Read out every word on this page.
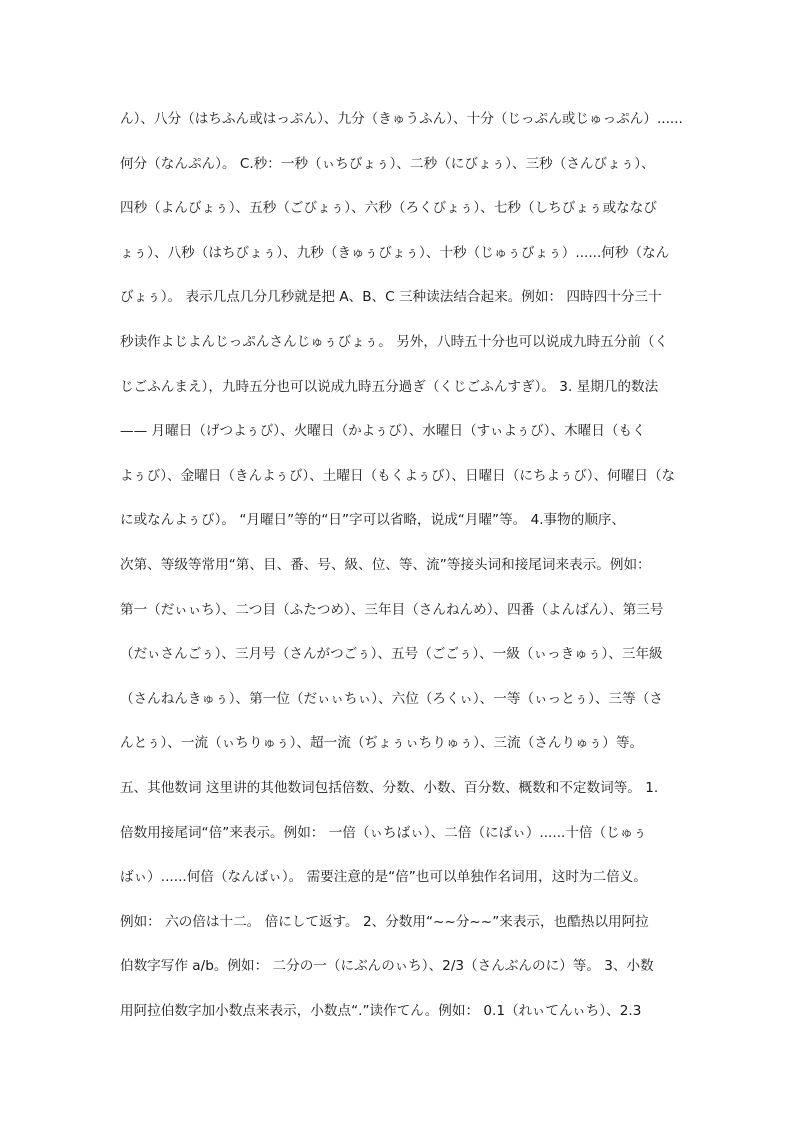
ん）、八分（はちふん或はっぷん）、九分（きゅうふん）、十分（じっぷん或じゅっぷん）......
何分（なんぷん）。 C.秒：一秒（ぃちびょぅ）、二秒（にびょぅ）、三秒（さんびょぅ）、
四秒（よんびょぅ）、五秒（ごびょぅ）、六秒（ろくびょぅ）、七秒（しちびょぅ或ななび
ょぅ）、八秒（はちびょぅ）、九秒（きゅぅびょぅ）、十秒（じゅぅびょぅ）......何秒（なん
びょぅ）。 表示几点几分几秒就是把 A、B、C 三种读法结合起来。例如： 四時四十分三十
秒读作よじよんじっぷんさんじゅぅびょぅ。 另外，八時五十分也可以说成九時五分前（く
じごふんまえ），九時五分也可以说成九時五分過ぎ（くじごふんすぎ）。 3. 星期几的数法
—— 月曜日（げつよぅび）、火曜日（かよぅび）、水曜日（すぃよぅび）、木曜日（もく
よぅび）、金曜日（きんよぅび）、土曜日（もくよぅび）、日曜日（にちよぅび）、何曜日（な
に或なんよぅび）。 “月曜日”等的“日”字可以省略，说成“月曜”等。 4.事物的顺序、
次第、等级等常用“第、目、番、号、級、位、等、流”等接头词和接尾词来表示。例如：
第一（だぃぃち）、二つ目（ふたつめ）、三年目（さんねんめ）、四番（よんばん）、第三号
（だぃさんごぅ）、三月号（さんがつごぅ）、五号（ごごぅ）、一級（ぃっきゅぅ）、三年級
（さんねんきゅぅ）、第一位（だぃぃちぃ）、六位（ろくぃ）、一等（ぃっとぅ）、三等（さ
んとぅ）、一流（ぃちりゅぅ）、超一流（ぢょぅぃちりゅぅ）、三流（さんりゅぅ）等。
五、其他数词 这里讲的其他数词包括倍数、分数、小数、百分数、概数和不定数词等。 1.
倍数用接尾词“倍”来表示。例如： 一倍（ぃちばぃ）、二倍（にばぃ）......十倍（じゅぅ
ばぃ）......何倍（なんばぃ）。 需要注意的是“倍”也可以单独作名词用，这时为二倍义。
例如： 六の倍は十二。 倍にして返す。 2、分数用“~~分~~”来表示，也酷热以用阿拉
伯数字写作 a/b。例如： 二分の一（にぶんのぃち）、2/3（さんぶんのに）等。 3、小数
用阿拉伯数字加小数点来表示，小数点“.”读作てん。例如： 0.1（れぃてんぃち）、2.3
